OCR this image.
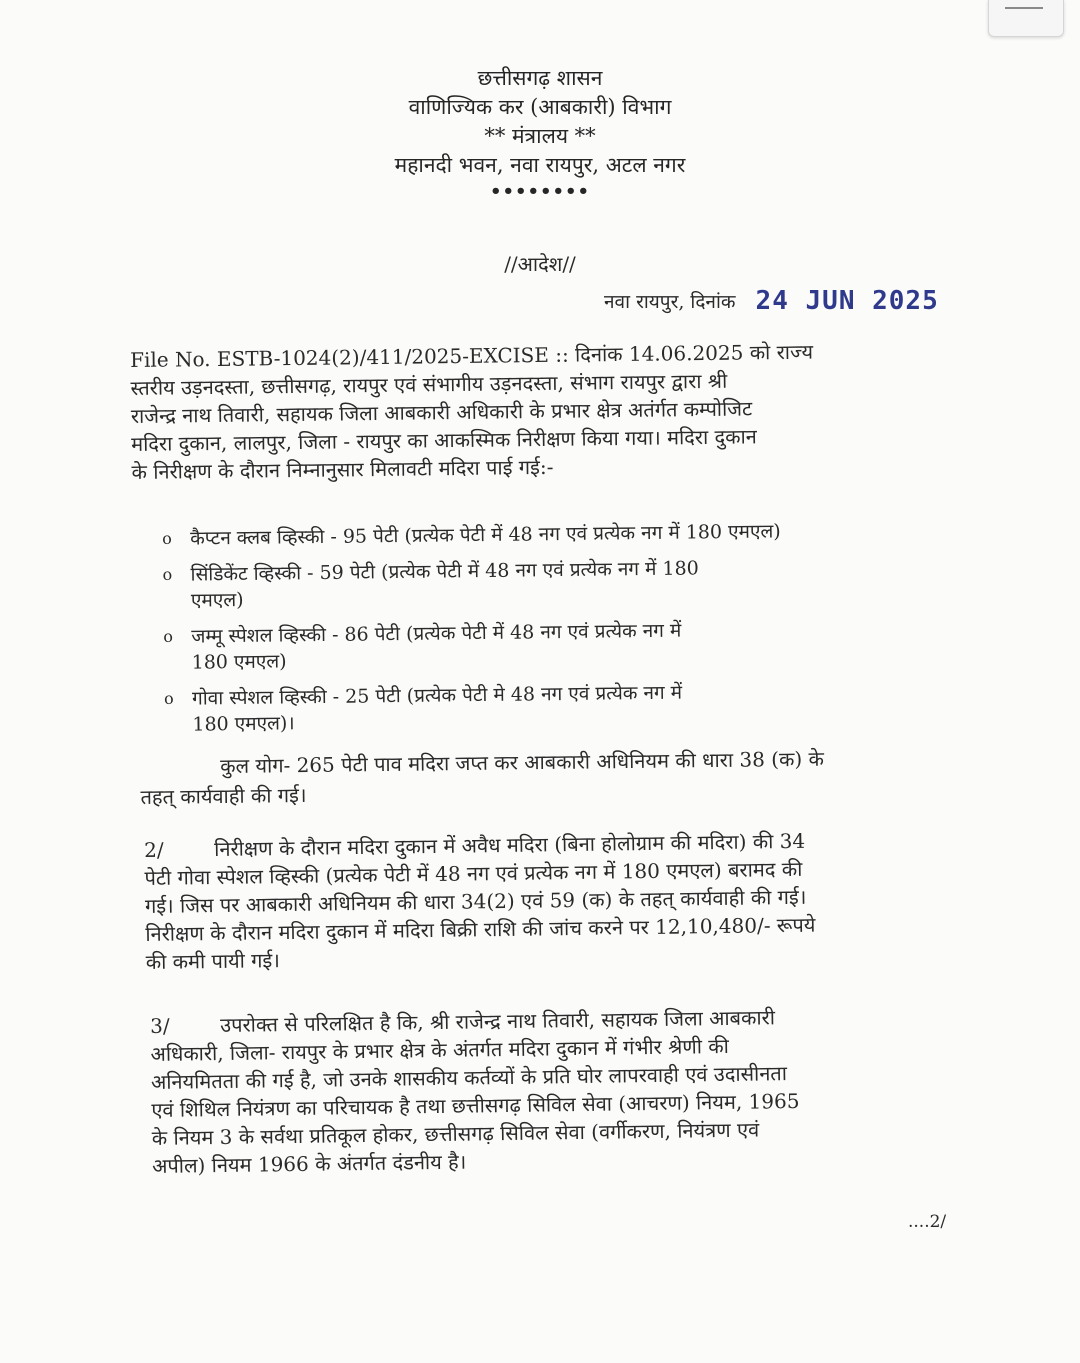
छत्तीसगढ़ शासन
वाणिज्यिक कर (आबकारी) विभाग
** मंत्रालय **
महानदी भवन, नवा रायपुर, अटल नगर
••••••••
//आदेश//
नवा रायपुर, दिनांक 24 JUN 2025
File No. ESTB-1024(2)/411/2025-EXCISE :: दिनांक 14.06.2025 को राज्य
स्तरीय उड़नदस्ता, छत्तीसगढ़, रायपुर एवं संभागीय उड़नदस्ता, संभाग रायपुर द्वारा श्री
राजेन्द्र नाथ तिवारी, सहायक जिला आबकारी अधिकारी के प्रभार क्षेत्र अतंर्गत कम्पोजिट
मदिरा दुकान, लालपुर, जिला - रायपुर का आकस्मिक निरीक्षण किया गया। मदिरा दुकान
के निरीक्षण के दौरान निम्नानुसार मिलावटी मदिरा पाई गई:-
o कैप्टन क्लब व्हिस्की - 95 पेटी (प्रत्येक पेटी में 48 नग एवं प्रत्येक नग में 180 एमएल)
o सिंडिकेंट व्हिस्की - 59 पेटी (प्रत्येक पेटी में 48 नग एवं प्रत्येक नग में 180
एमएल)
o जम्मू स्पेशल व्हिस्की - 86 पेटी (प्रत्येक पेटी में 48 नग एवं प्रत्येक नग में
180 एमएल)
o गोवा स्पेशल व्हिस्की - 25 पेटी (प्रत्येक पेटी मे 48 नग एवं प्रत्येक नग में
180 एमएल)।
कुल योग- 265 पेटी पाव मदिरा जप्त कर आबकारी अधिनियम की धारा 38 (क) के
तहत् कार्यवाही की गई।
2/	निरीक्षण के दौरान मदिरा दुकान में अवैध मदिरा (बिना होलोग्राम की मदिरा) की 34
पेटी गोवा स्पेशल व्हिस्की (प्रत्येक पेटी में 48 नग एवं प्रत्येक नग में 180 एमएल) बरामद की
गई। जिस पर आबकारी अधिनियम की धारा 34(2) एवं 59 (क) के तहत् कार्यवाही की गई।
निरीक्षण के दौरान मदिरा दुकान में मदिरा बिक्री राशि की जांच करने पर 12,10,480/- रूपये
की कमी पायी गई।
3/	उपरोक्त से परिलक्षित है कि, श्री राजेन्द्र नाथ तिवारी, सहायक जिला आबकारी
अधिकारी, जिला- रायपुर के प्रभार क्षेत्र के अंतर्गत मदिरा दुकान में गंभीर श्रेणी की
अनियमितता की गई है, जो उनके शासकीय कर्तव्यों के प्रति घोर लापरवाही एवं उदासीनता
एवं शिथिल नियंत्रण का परिचायक है तथा छत्तीसगढ़ सिविल सेवा (आचरण) नियम, 1965
के नियम 3 के सर्वथा प्रतिकूल होकर, छत्तीसगढ़ सिविल सेवा (वर्गीकरण, नियंत्रण एवं
अपील) नियम 1966 के अंतर्गत दंडनीय है।
....2/
